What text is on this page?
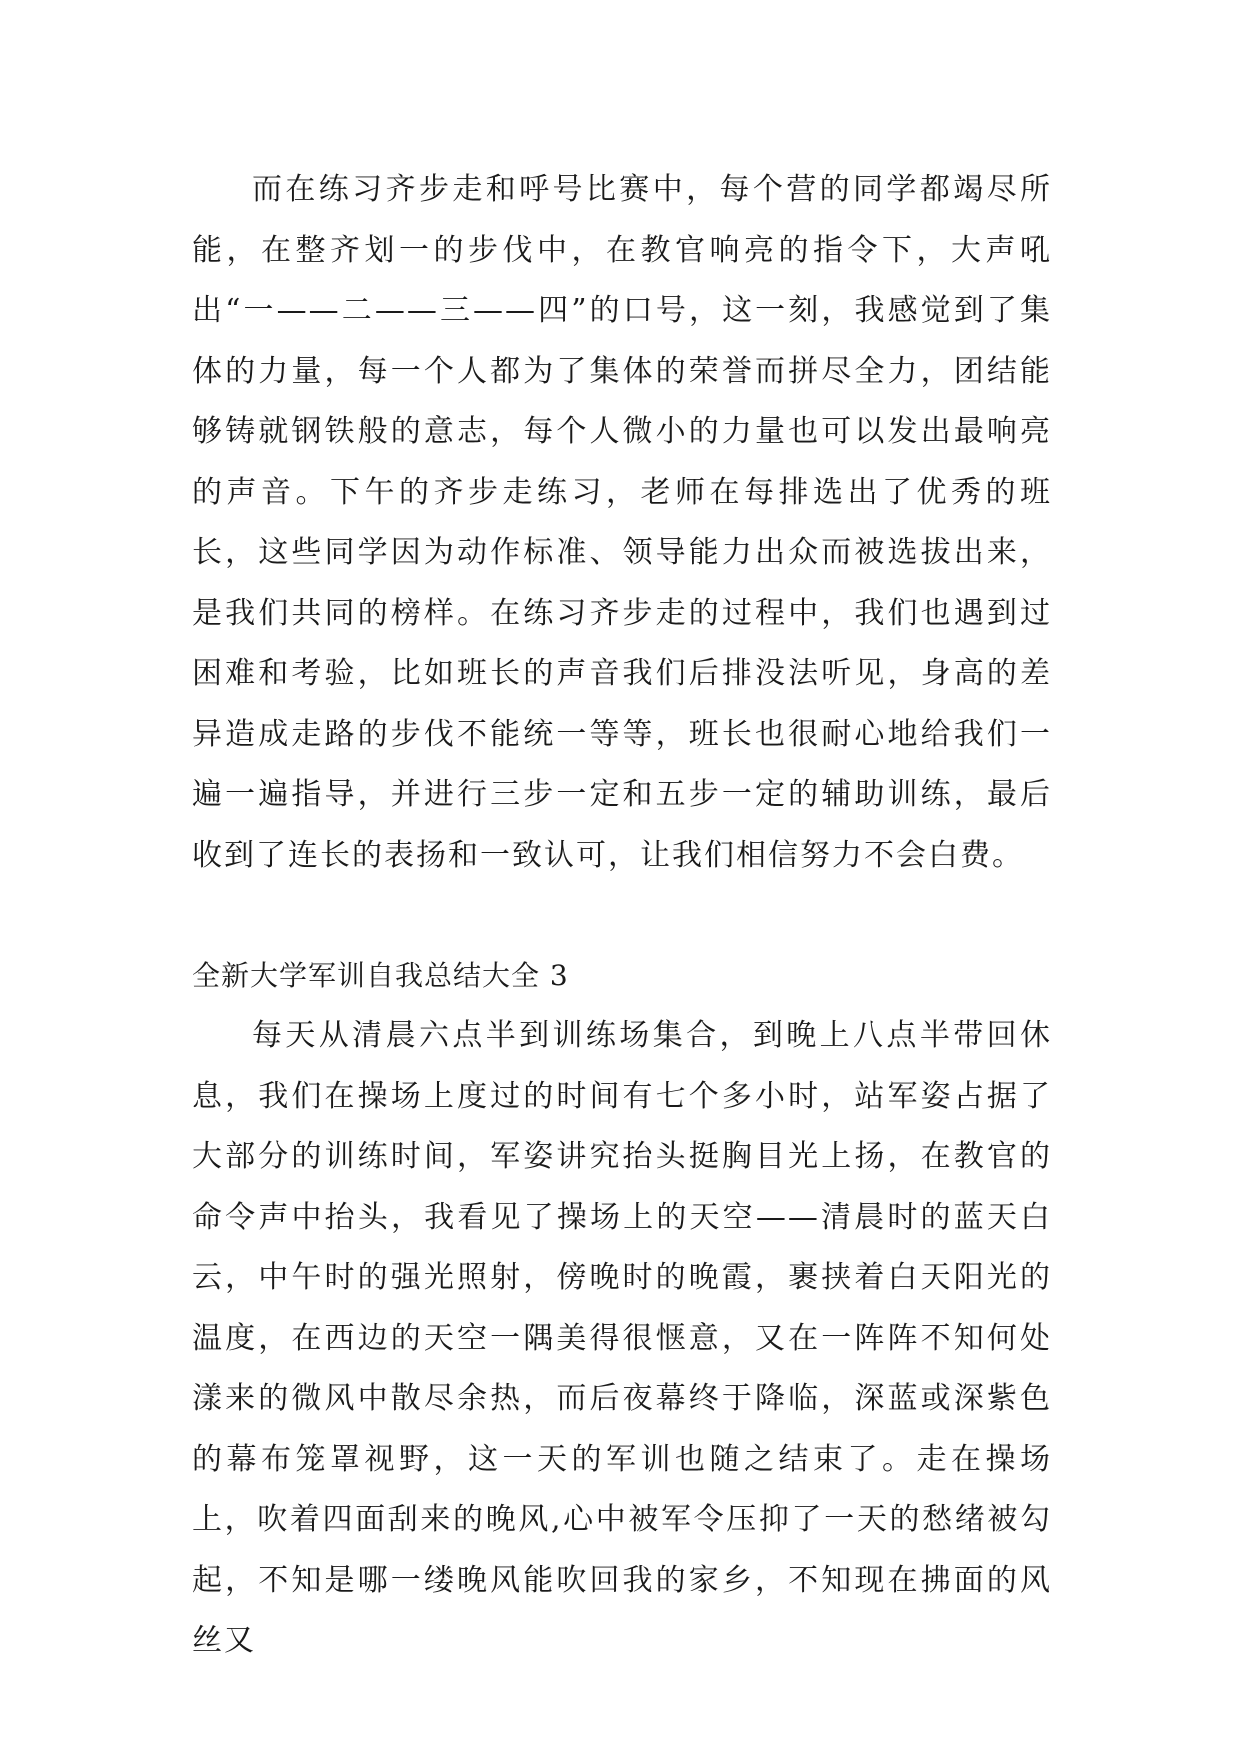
而在练习齐步走和呼号比赛中，每个营的同学都竭尽所能，在整齐划一的步伐中，在教官响亮的指令下，大声吼出“一——二——三——四”的口号，这一刻，我感觉到了集体的力量，每一个人都为了集体的荣誉而拼尽全力，团结能够铸就钢铁般的意志，每个人微小的力量也可以发出最响亮的声音。下午的齐步走练习，老师在每排选出了优秀的班长，这些同学因为动作标准、领导能力出众而被选拔出来，是我们共同的榜样。在练习齐步走的过程中，我们也遇到过困难和考验，比如班长的声音我们后排没法听见，身高的差异造成走路的步伐不能统一等等，班长也很耐心地给我们一遍一遍指导，并进行三步一定和五步一定的辅助训练，最后收到了连长的表扬和一致认可，让我们相信努力不会白费。

全新大学军训自我总结大全 3

每天从清晨六点半到训练场集合，到晚上八点半带回休息，我们在操场上度过的时间有七个多小时，站军姿占据了大部分的训练时间，军姿讲究抬头挺胸目光上扬，在教官的命令声中抬头，我看见了操场上的天空——清晨时的蓝天白云，中午时的强光照射，傍晚时的晚霞，裹挟着白天阳光的温度，在西边的天空一隅美得很惬意，又在一阵阵不知何处漾来的微风中散尽余热，而后夜幕终于降临，深蓝或深紫色的幕布笼罩视野，这一天的军训也随之结束了。走在操场上，吹着四面刮来的晚风,心中被军令压抑了一天的愁绪被勾起，不知是哪一缕晚风能吹回我的家乡，不知现在拂面的风丝又
